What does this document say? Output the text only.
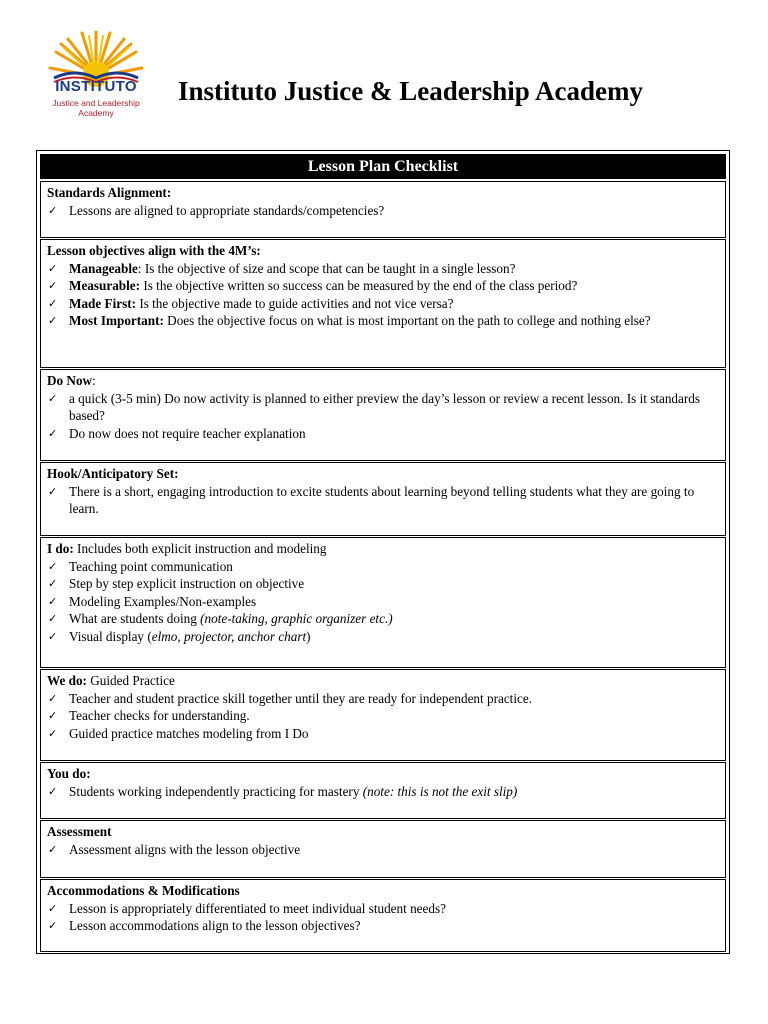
INSTITUTO
Justice and Leadership
Academy
Instituto Justice & Leadership Academy
Lesson Plan Checklist
Standards Alignment:
✓ Lessons are aligned to appropriate standards/competencies?
Lesson objectives align with the 4M’s:
✓ Manageable: Is the objective of size and scope that can be taught in a single lesson?
✓ Measurable: Is the objective written so success can be measured by the end of the class period?
✓ Made First: Is the objective made to guide activities and not vice versa?
✓ Most Important: Does the objective focus on what is most important on the path to college and nothing else?
Do Now:
✓ a quick (3-5 min) Do now activity is planned to either preview the day’s lesson or review a recent lesson. Is it standards based?
✓ Do now does not require teacher explanation
Hook/Anticipatory Set:
✓ There is a short, engaging introduction to excite students about learning beyond telling students what they are going to learn.
I do: Includes both explicit instruction and modeling
✓ Teaching point communication
✓ Step by step explicit instruction on objective
✓ Modeling Examples/Non-examples
✓ What are students doing (note-taking, graphic organizer etc.)
✓ Visual display (elmo, projector, anchor chart)
We do: Guided Practice
✓ Teacher and student practice skill together until they are ready for independent practice.
✓ Teacher checks for understanding.
✓ Guided practice matches modeling from I Do
You do:
✓ Students working independently practicing for mastery (note: this is not the exit slip)
Assessment
✓ Assessment aligns with the lesson objective
Accommodations & Modifications
✓ Lesson is appropriately differentiated to meet individual student needs?
✓ Lesson accommodations align to the lesson objectives?
